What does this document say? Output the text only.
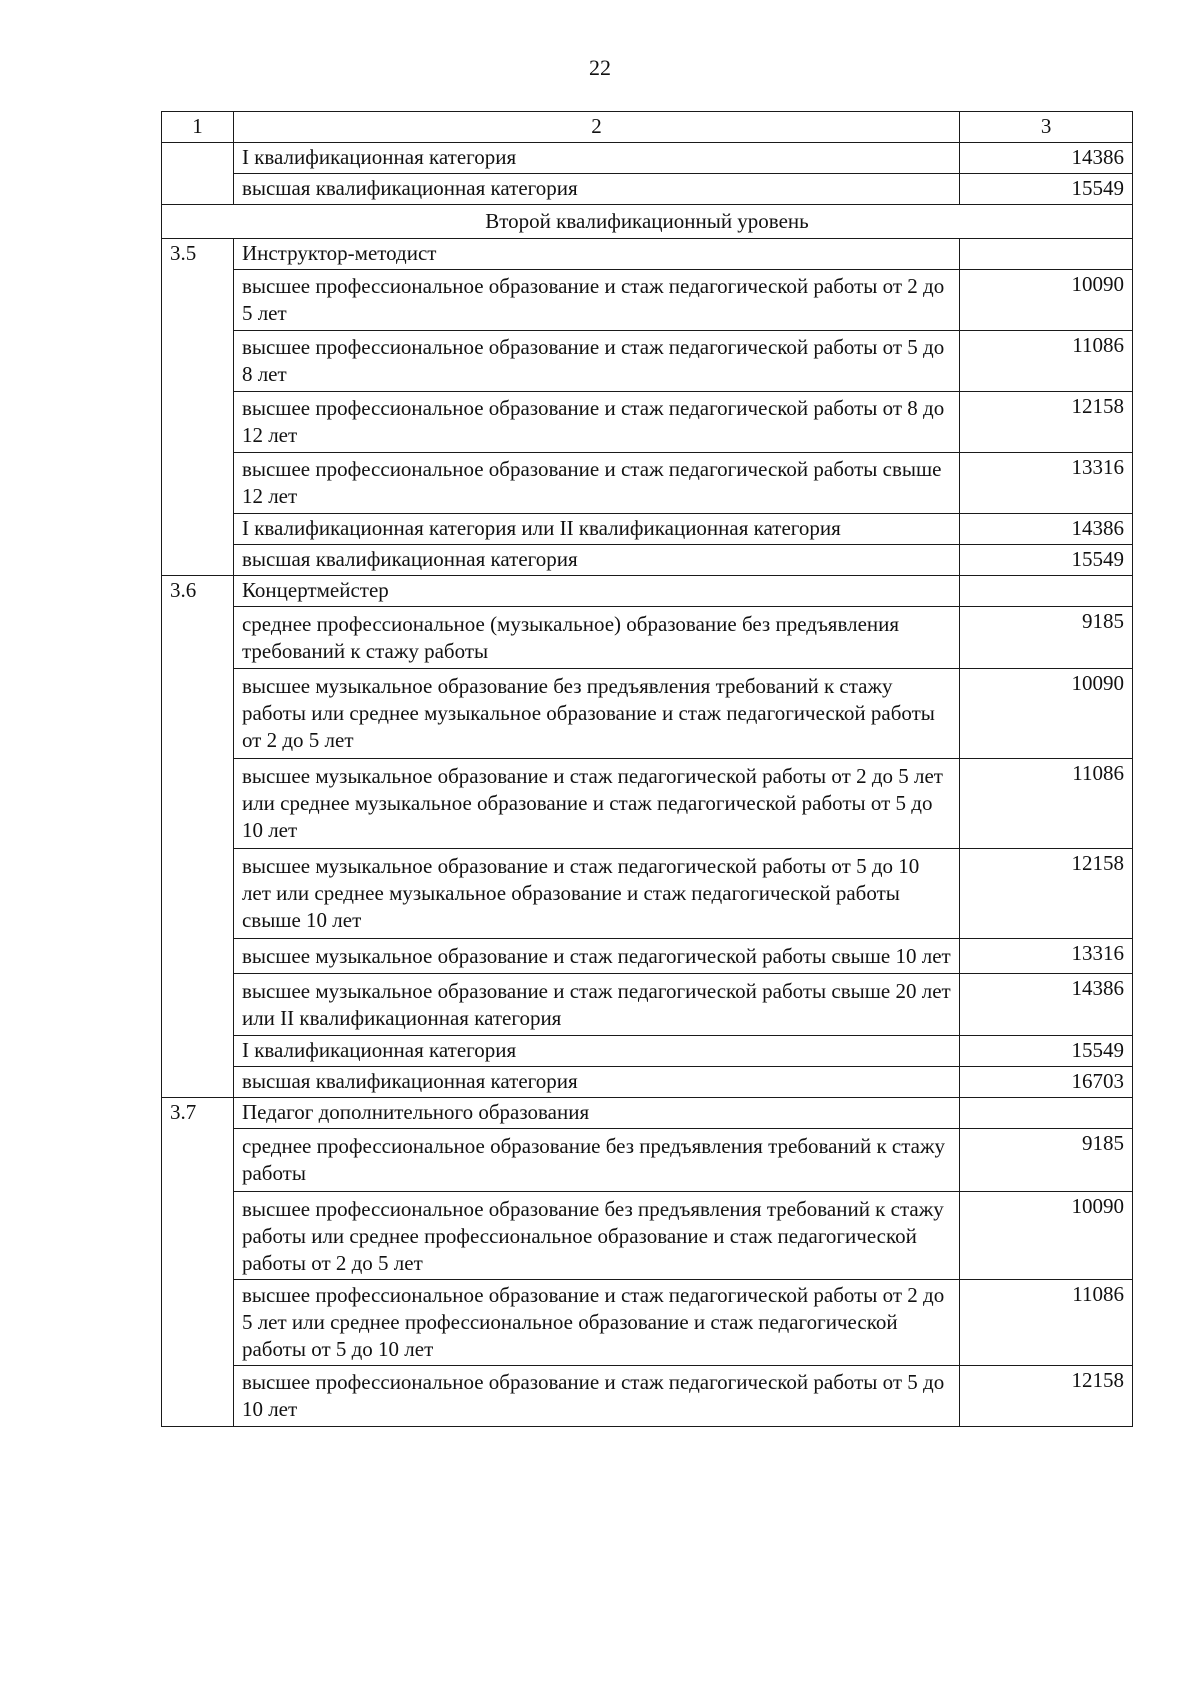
22
1	2	3
	I квалификационная категория	14386
	высшая квалификационная категория	15549
Второй квалификационный уровень		
3.5	Инструктор-методист	
	высшее профессиональное образование и стаж педагогической работы от 2 до 5 лет	10090
	высшее профессиональное образование и стаж педагогической работы от 5 до 8 лет	11086
	высшее профессиональное образование и стаж педагогической работы от 8 до 12 лет	12158
	высшее профессиональное образование и стаж педагогической работы свыше 12 лет	13316
	I квалификационная категория или II квалификационная категория	14386
	высшая квалификационная категория	15549
3.6	Концертмейстер	
	среднее профессиональное (музыкальное) образование без предъявления требований к стажу работы	9185
	высшее музыкальное образование без предъявления требований к стажу работы или среднее музыкальное образование и стаж педагогической работы от 2 до 5 лет	10090
	высшее музыкальное образование и стаж педагогической работы от 2 до 5 лет или среднее музыкальное образование и стаж педагогической работы от 5 до 10 лет	11086
	высшее музыкальное образование и стаж педагогической работы от 5 до 10 лет или среднее музыкальное образование и стаж педагогической работы свыше 10 лет	12158
	высшее музыкальное образование и стаж педагогической работы свыше 10 лет	13316
	высшее музыкальное образование и стаж педагогической работы свыше 20 лет или II квалификационная категория	14386
	I квалификационная категория	15549
	высшая квалификационная категория	16703
3.7	Педагог дополнительного образования	
	среднее профессиональное образование без предъявления требований к стажу работы	9185
	высшее профессиональное образование без предъявления требований к стажу работы или среднее профессиональное образование и стаж педагогической работы от 2 до 5 лет	10090
	высшее профессиональное образование и стаж педагогической работы от 2 до 5 лет или среднее профессиональное образование и стаж педагогической работы от 5 до 10 лет	11086
	высшее профессиональное образование и стаж педагогической работы от 5 до 10 лет	12158
